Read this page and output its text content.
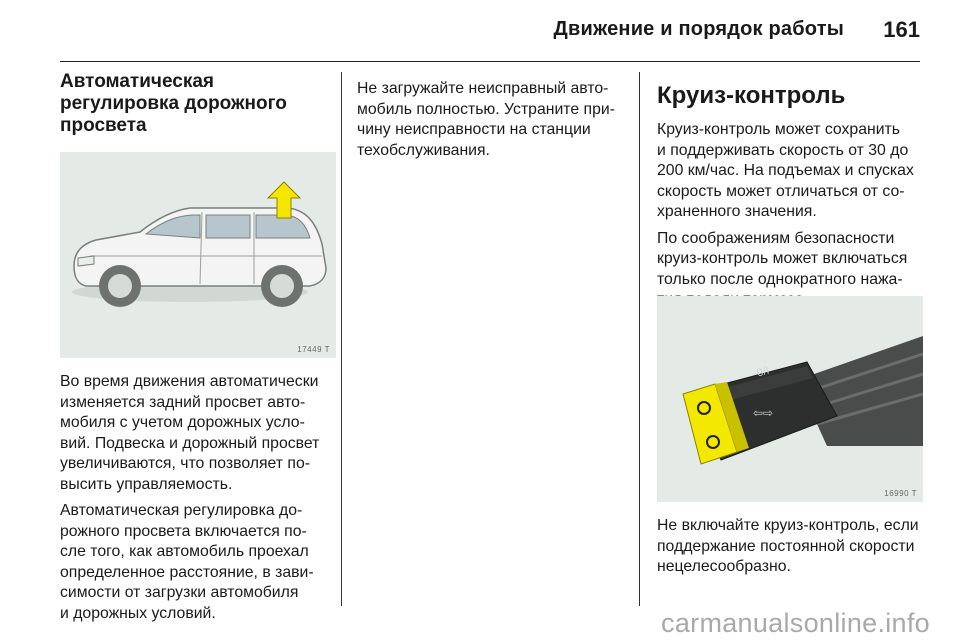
Движение и порядок работы 161
Автоматическая
регулировка дорожного
просвета
17449 T
Во время движения автоматически
изменяется задний просвет авто-
мобиля с учетом дорожных усло-
вий. Подвеска и дорожный просвет
увеличиваются, что позволяет по-
высить управляемость.
Автоматическая регулировка до-
рожного просвета включается по-
сле того, как автомобиль проехал
определенное расстояние, в зави-
симости от загрузки автомобиля
и дорожных условий.
Не загружайте неисправный авто-
мобиль полностью. Устраните при-
чину неисправности на станции
техобслуживания.
Круиз-контроль
Круиз-контроль может сохранить
и поддерживать скорость от 30 до
200 км/час. На подъемах и спусках
скорость может отличаться от со-
храненного значения.
По соображениям безопасности
круиз-контроль может включаться
только после однократного нажа-
0/I
⇦⇨
16990 T
Не включайте круиз-контроль, если
поддержание постоянной скорости
нецелесообразно.
carmanualsonline.info
